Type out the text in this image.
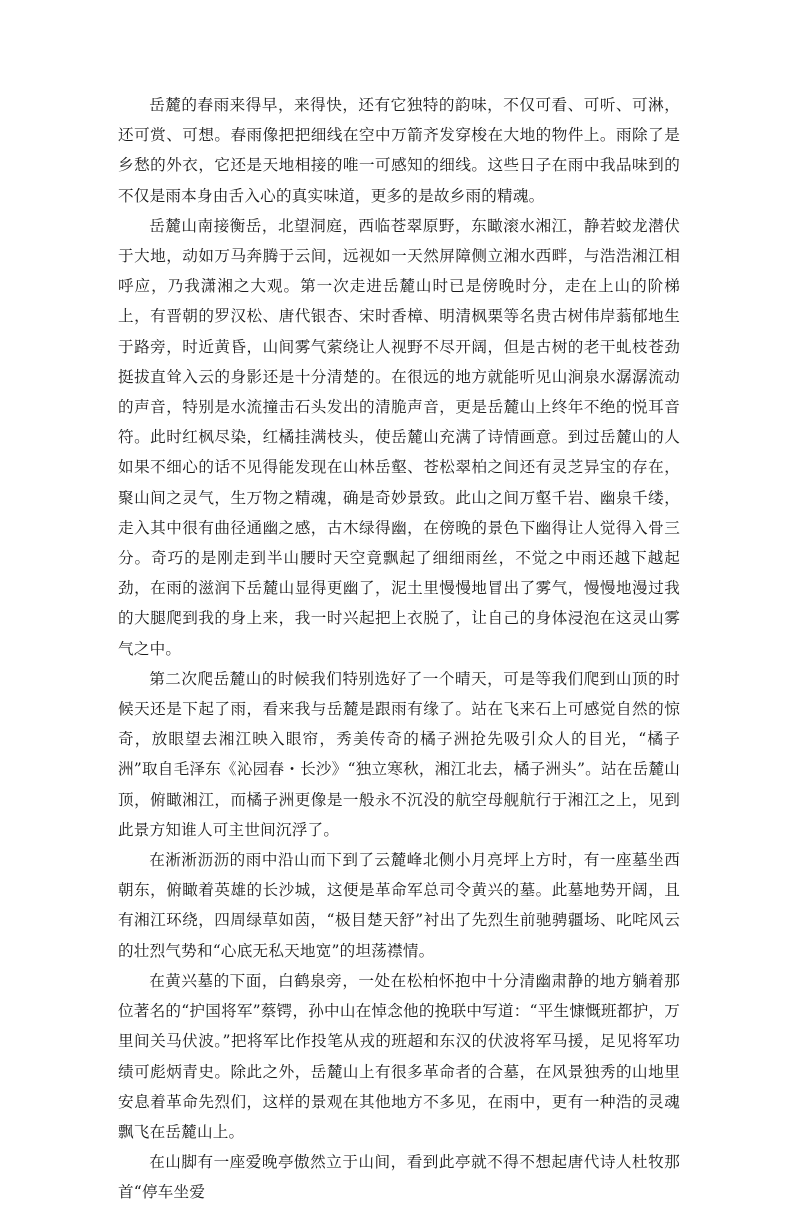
岳麓的春雨来得早，来得快，还有它独特的韵味，不仅可看、可听、可淋，还可赏、可想。春雨像把把细线在空中万箭齐发穿梭在大地的物件上。雨除了是乡愁的外衣，它还是天地相接的唯一可感知的细线。这些日子在雨中我品味到的不仅是雨本身由舌入心的真实味道，更多的是故乡雨的精魂。

岳麓山南接衡岳，北望洞庭，西临苍翠原野，东瞰滚水湘江，静若蛟龙潜伏于大地，动如万马奔腾于云间，远视如一天然屏障侧立湘水西畔，与浩浩湘江相呼应，乃我潇湘之大观。第一次走进岳麓山时已是傍晚时分，走在上山的阶梯上，有晋朝的罗汉松、唐代银杏、宋时香樟、明清枫栗等名贵古树伟岸蓊郁地生于路旁，时近黄昏，山间雾气萦绕让人视野不尽开阔，但是古树的老干虬枝苍劲挺拔直耸入云的身影还是十分清楚的。在很远的地方就能听见山涧泉水潺潺流动的声音，特别是水流撞击石头发出的清脆声音，更是岳麓山上终年不绝的悦耳音符。此时红枫尽染，红橘挂满枝头，使岳麓山充满了诗情画意。到过岳麓山的人如果不细心的话不见得能发现在山林岳壑、苍松翠柏之间还有灵芝异宝的存在，聚山间之灵气，生万物之精魂，确是奇妙景致。此山之间万壑千岩、幽泉千缕，走入其中很有曲径通幽之感，古木绿得幽，在傍晚的景色下幽得让人觉得入骨三分。奇巧的是刚走到半山腰时天空竟飘起了细细雨丝，不觉之中雨还越下越起劲，在雨的滋润下岳麓山显得更幽了，泥土里慢慢地冒出了雾气，慢慢地漫过我的大腿爬到我的身上来，我一时兴起把上衣脱了，让自己的身体浸泡在这灵山雾气之中。

第二次爬岳麓山的时候我们特别选好了一个晴天，可是等我们爬到山顶的时候天还是下起了雨，看来我与岳麓是跟雨有缘了。站在飞来石上可感觉自然的惊奇，放眼望去湘江映入眼帘，秀美传奇的橘子洲抢先吸引众人的目光，“橘子洲”取自毛泽东《沁园春・长沙》“独立寒秋，湘江北去，橘子洲头”。站在岳麓山顶，俯瞰湘江，而橘子洲更像是一般永不沉没的航空母舰航行于湘江之上，见到此景方知谁人可主世间沉浮了。

在淅淅沥沥的雨中沿山而下到了云麓峰北侧小月亮坪上方时，有一座墓坐西朝东，俯瞰着英雄的长沙城，这便是革命军总司令黄兴的墓。此墓地势开阔，且有湘江环绕，四周绿草如茵，“极目楚天舒”衬出了先烈生前驰骋疆场、叱咤风云的壮烈气势和“心底无私天地宽”的坦荡襟情。

在黄兴墓的下面，白鹤泉旁，一处在松柏怀抱中十分清幽肃静的地方躺着那位著名的“护国将军”蔡锷，孙中山在悼念他的挽联中写道：“平生慷慨班都护，万里间关马伏波。”把将军比作投笔从戎的班超和东汉的伏波将军马援，足见将军功绩可彪炳青史。除此之外，岳麓山上有很多革命者的合墓，在风景独秀的山地里安息着革命先烈们，这样的景观在其他地方不多见，在雨中，更有一种浩的灵魂飘飞在岳麓山上。

在山脚有一座爱晚亭傲然立于山间，看到此亭就不得不想起唐代诗人杜牧那首“停车坐爱
